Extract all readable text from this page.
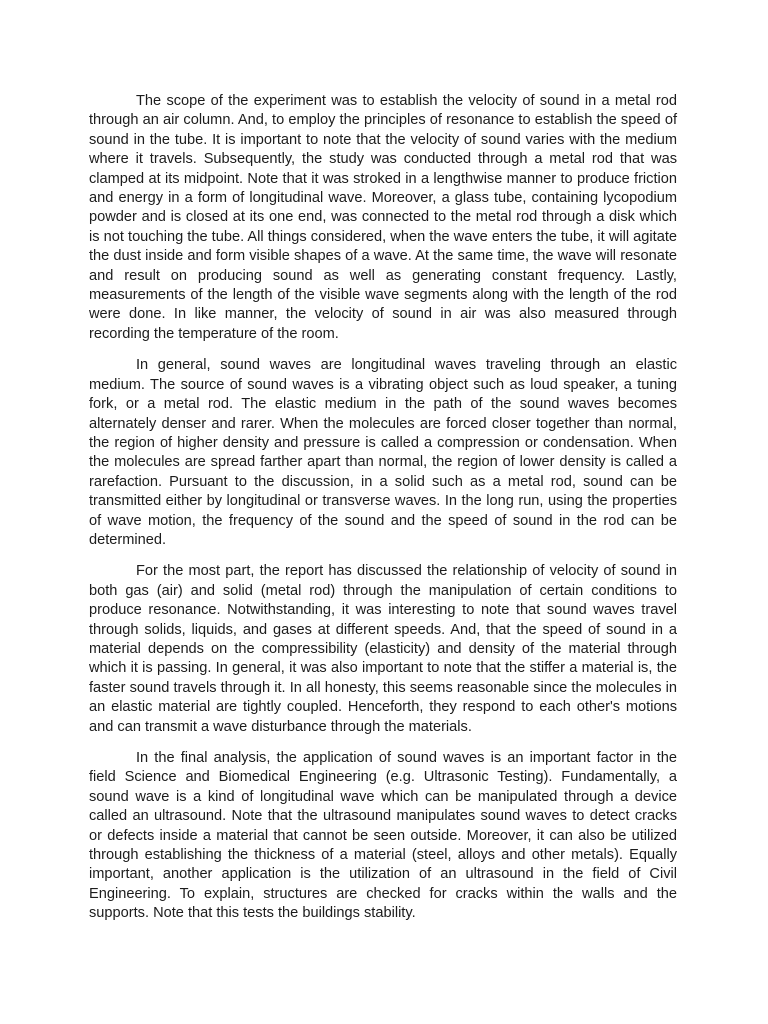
The scope of the experiment was to establish the velocity of sound in a metal rod through an air column. And, to employ the principles of resonance to establish the speed of sound in the tube. It is important to note that the velocity of sound varies with the medium where it travels. Subsequently, the study was conducted through a metal rod that was clamped at its midpoint. Note that it was stroked in a lengthwise manner to produce friction and energy in a form of longitudinal wave. Moreover, a glass tube, containing lycopodium powder and is closed at its one end, was connected to the metal rod through a disk which is not touching the tube. All things considered, when the wave enters the tube, it will agitate the dust inside and form visible shapes of a wave. At the same time, the wave will resonate and result on producing sound as well as generating constant frequency. Lastly, measurements of the length of the visible wave segments along with the length of the rod were done. In like manner, the velocity of sound in air was also measured through recording the temperature of the room.

In general, sound waves are longitudinal waves traveling through an elastic medium. The source of sound waves is a vibrating object such as loud speaker, a tuning fork, or a metal rod. The elastic medium in the path of the sound waves becomes alternately denser and rarer. When the molecules are forced closer together than normal, the region of higher density and pressure is called a compression or condensation. When the molecules are spread farther apart than normal, the region of lower density is called a rarefaction. Pursuant to the discussion, in a solid such as a metal rod, sound can be transmitted either by longitudinal or transverse waves. In the long run, using the properties of wave motion, the frequency of the sound and the speed of sound in the rod can be determined.

For the most part, the report has discussed the relationship of velocity of sound in both gas (air) and solid (metal rod) through the manipulation of certain conditions to produce resonance. Notwithstanding, it was interesting to note that sound waves travel through solids, liquids, and gases at different speeds. And, that the speed of sound in a material depends on the compressibility (elasticity) and density of the material through which it is passing. In general, it was also important to note that the stiffer a material is, the faster sound travels through it. In all honesty, this seems reasonable since the molecules in an elastic material are tightly coupled. Henceforth, they respond to each other's motions and can transmit a wave disturbance through the materials.

In the final analysis, the application of sound waves is an important factor in the field Science and Biomedical Engineering (e.g. Ultrasonic Testing). Fundamentally, a sound wave is a kind of longitudinal wave which can be manipulated through a device called an ultrasound. Note that the ultrasound manipulates sound waves to detect cracks or defects inside a material that cannot be seen outside. Moreover, it can also be utilized through establishing the thickness of a material (steel, alloys and other metals). Equally important, another application is the utilization of an ultrasound in the field of Civil Engineering. To explain, structures are checked for cracks within the walls and the supports. Note that this tests the buildings stability.
